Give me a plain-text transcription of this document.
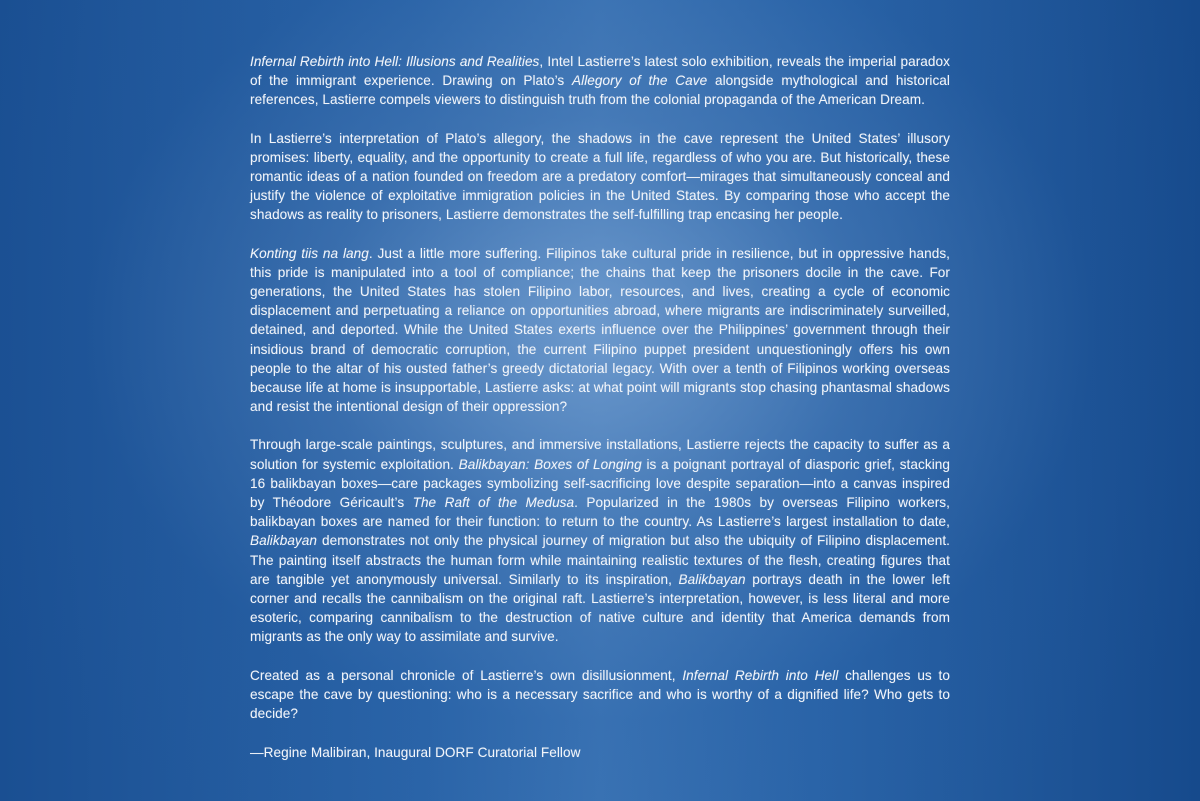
Infernal Rebirth into Hell: Illusions and Realities, Intel Lastierre’s latest solo exhibition, reveals the imperial paradox of the immigrant experience. Drawing on Plato’s Allegory of the Cave alongside mythological and historical references, Lastierre compels viewers to distinguish truth from the colonial propaganda of the American Dream.

In Lastierre’s interpretation of Plato’s allegory, the shadows in the cave represent the United States’ illusory promises: liberty, equality, and the opportunity to create a full life, regardless of who you are. But historically, these romantic ideas of a nation founded on freedom are a predatory comfort—mirages that simultaneously conceal and justify the violence of exploitative immigration policies in the United States. By comparing those who accept the shadows as reality to prisoners, Lastierre demonstrates the self-fulfilling trap encasing her people.

Konting tiis na lang. Just a little more suffering. Filipinos take cultural pride in resilience, but in oppressive hands, this pride is manipulated into a tool of compliance; the chains that keep the prisoners docile in the cave. For generations, the United States has stolen Filipino labor, resources, and lives, creating a cycle of economic displacement and perpetuating a reliance on opportunities abroad, where migrants are indiscriminately surveilled, detained, and deported. While the United States exerts influence over the Philippines’ government through their insidious brand of democratic corruption, the current Filipino puppet president unquestioningly offers his own people to the altar of his ousted father’s greedy dictatorial legacy. With over a tenth of Filipinos working overseas because life at home is insupportable, Lastierre asks: at what point will migrants stop chasing phantasmal shadows and resist the intentional design of their oppression?

Through large-scale paintings, sculptures, and immersive installations, Lastierre rejects the capacity to suffer as a solution for systemic exploitation. Balikbayan: Boxes of Longing is a poignant portrayal of diasporic grief, stacking 16 balikbayan boxes—care packages symbolizing self-sacrificing love despite separation—into a canvas inspired by Théodore Géricault’s The Raft of the Medusa. Popularized in the 1980s by overseas Filipino workers, balikbayan boxes are named for their function: to return to the country. As Lastierre’s largest installation to date, Balikbayan demonstrates not only the physical journey of migration but also the ubiquity of Filipino displacement. The painting itself abstracts the human form while maintaining realistic textures of the flesh, creating figures that are tangible yet anonymously universal. Similarly to its inspiration, Balikbayan portrays death in the lower left corner and recalls the cannibalism on the original raft. Lastierre’s interpretation, however, is less literal and more esoteric, comparing cannibalism to the destruction of native culture and identity that America demands from migrants as the only way to assimilate and survive.

Created as a personal chronicle of Lastierre’s own disillusionment, Infernal Rebirth into Hell challenges us to escape the cave by questioning: who is a necessary sacrifice and who is worthy of a dignified life? Who gets to decide?

—Regine Malibiran, Inaugural DORF Curatorial Fellow
